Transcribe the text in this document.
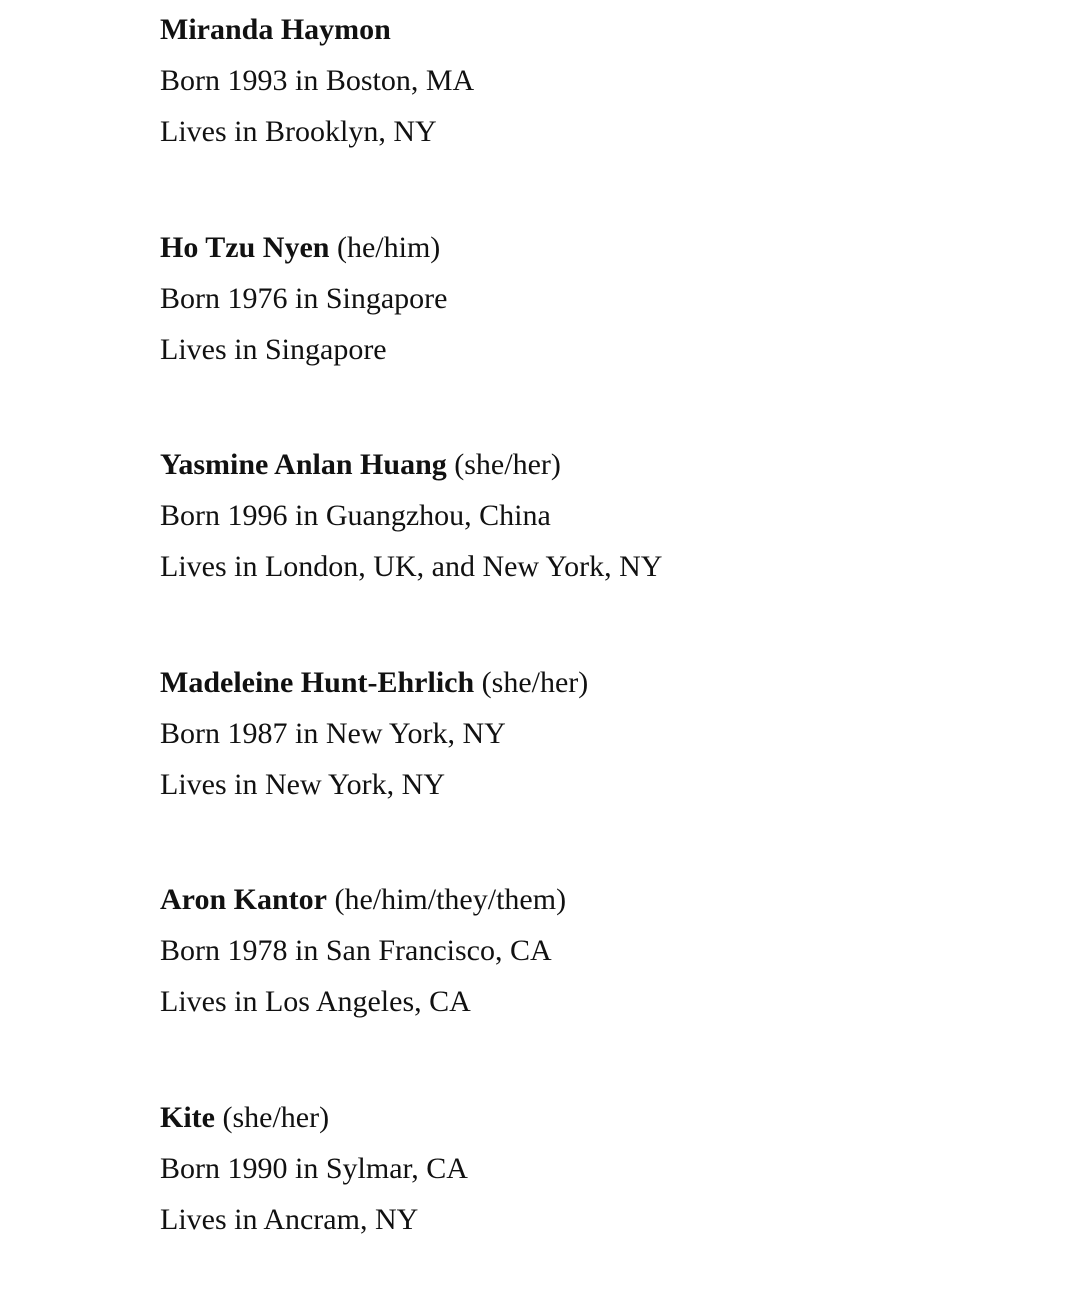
Miranda Haymon
Born 1993 in Boston, MA
Lives in Brooklyn, NY
Ho Tzu Nyen (he/him)
Born 1976 in Singapore
Lives in Singapore
Yasmine Anlan Huang (she/her)
Born 1996 in Guangzhou, China
Lives in London, UK, and New York, NY
Madeleine Hunt-Ehrlich (she/her)
Born 1987 in New York, NY
Lives in New York, NY
Aron Kantor (he/him/they/them)
Born 1978 in San Francisco, CA
Lives in Los Angeles, CA
Kite (she/her)
Born 1990 in Sylmar, CA
Lives in Ancram, NY
